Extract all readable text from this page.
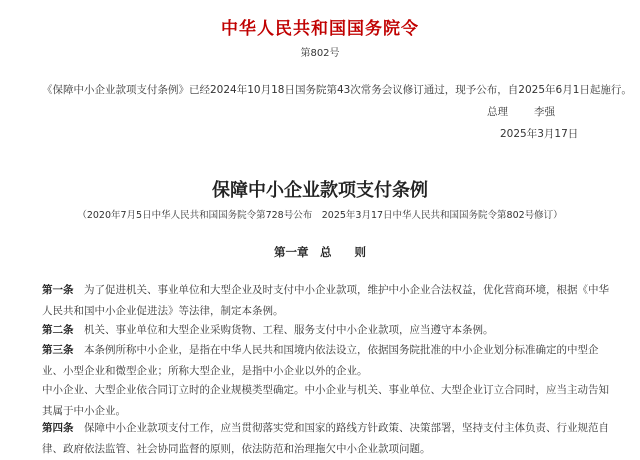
中华人民共和国国务院令
第802号
《保障中小企业款项支付条例》已经2024年10月18日国务院第43次常务会议修订通过，现予公布，自2025年6月1日起施行。
总理 李强
2025年3月17日
保障中小企业款项支付条例
（2020年7月5日中华人民共和国国务院令第728号公布　2025年3月17日中华人民共和国国务院令第802号修订）
第一章　总　　则

第一条　 为了促进机关、事业单位和大型企业及时支付中小企业款项，维护中小企业合法权益，优化营商环境，根据《中华人民共和国中小企业促进法》等法律，制定本条例。

第二条　 机关、事业单位和大型企业采购货物、工程、服务支付中小企业款项，应当遵守本条例。

第三条　 本条例所称中小企业，是指在中华人民共和国境内依法设立，依据国务院批准的中小企业划分标准确定的中型企业、小型企业和微型企业；所称大型企业，是指中小企业以外的企业。

中小企业、大型企业依合同订立时的企业规模类型确定。中小企业与机关、事业单位、大型企业订立合同时，应当主动告知其属于中小企业。

第四条　 保障中小企业款项支付工作，应当贯彻落实党和国家的路线方针政策、决策部署，坚持支付主体负责、行业规范自律、政府依法监管、社会协同监督的原则，依法防范和治理拖欠中小企业款项问题。
